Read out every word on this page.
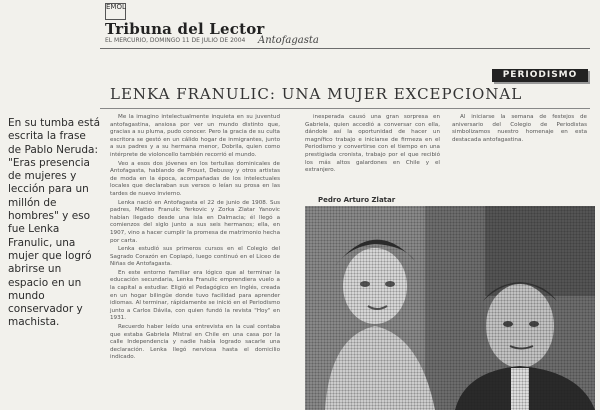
EMOL
Tribuna del Lector
EL MERCURIO, DOMINGO 11 DE JULIO DE 2004	Antofagasta
PERIODISMO
LENKA FRANULIC: UNA MUJER EXCEPCIONAL
En su tumba está escrita la frase de Pablo Neruda: "Eras presencia de mujeres y lección para un millón de hombres" y eso fue Lenka Franulic, una mujer que logró abrirse un espacio en un mundo conservador y machista.

Me la imagino intelectualmente inquieta en su juventud antofagastina, ansiosa por ver un mundo distinto que, gracias a su pluma, pudo conocer. Pero la gracia de su culta escritora se gestó en un cálido hogar de inmigrantes, junto a sus padres y a su hermana menor, Dobrila, quien como intérprete de violoncello también recorrió el mundo.

Veo a esos dos jóvenes en los tertulias dominicales de Antofagasta, hablando de Proust, Debussy y otros artistas de moda en la época, acompañadas de los intelectuales locales que declaraban sus versos o leían su prosa en las tardes de nuevo invierno.

Lenka nació en Antofagasta el 22 de junio de 1908. Sus padres, Matteo Franulic Yerkovic y Zorka Zlatar Yanovic habían llegado desde una isla en Dalmacia; él llegó a comienzos del siglo junto a sus seis hermanos; ella, en 1907, vino a hacer cumplir la promesa de matrimonio hecha por carta.

Lenka estudió sus primeros cursos en el Colegio del Sagrado Corazón en Copiapó, luego continuó en el Liceo de Niñas de Antofagasta.

En este entorno familiar era lógico que al terminar la educación secundaria, Lenka Franulic emprendiera vuelo a la capital a estudiar. Eligió el Pedagógico en Inglés, creada en un hogar bilingüe donde tuvo facilidad para aprender idiomas. Al terminar, rápidamente se inició en el Periodismo junto a Carlos Dávila, con quien fundó la revista "Hoy" en 1931.

Recuerdo haber leído una entrevista en la cual contaba que estaba Gabriela Mistral en Chile en una casa por la calle Independencia y nadie había logrado sacarle una declaración. Lenka llegó nerviosa hasta el domicilio indicado.

inesperada causó una gran sorpresa en Gabriela, quien accedió a conversar con ella, dándole así la oportunidad de hacer un magnífico trabajo e iniciarse de firmeza en el Periodismo y convertirse con el tiempo en una prestigiada cronista, trabajo por el que recibió los más altos galardones en Chile y el extranjero.

Al iniciarse la semana de festejos de aniversario del Colegio de Periodistas simbolizamos nuestro homenaje en esta destacada antofagastina.

Pedro Arturo Zlatar
